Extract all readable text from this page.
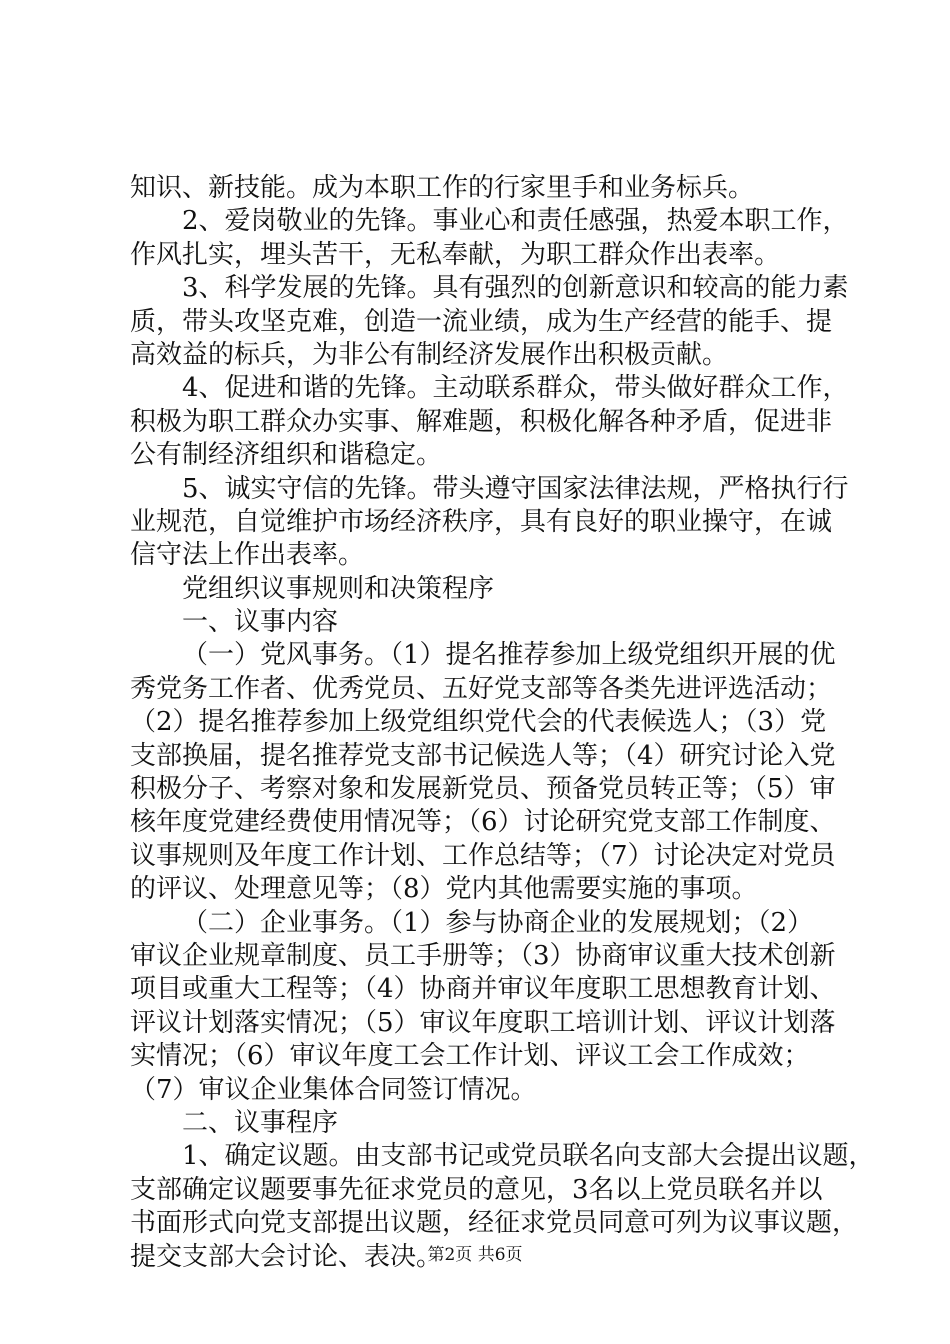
知识、新技能。成为本职工作的行家里手和业务标兵。
2、爱岗敬业的先锋。事业心和责任感强，热爱本职工作，
作风扎实，埋头苦干，无私奉献，为职工群众作出表率。
3、科学发展的先锋。具有强烈的创新意识和较高的能力素
质，带头攻坚克难，创造一流业绩，成为生产经营的能手、提
高效益的标兵，为非公有制经济发展作出积极贡献。
4、促进和谐的先锋。主动联系群众，带头做好群众工作，
积极为职工群众办实事、解难题，积极化解各种矛盾，促进非
公有制经济组织和谐稳定。
5、诚实守信的先锋。带头遵守国家法律法规，严格执行行
业规范，自觉维护市场经济秩序，具有良好的职业操守，在诚
信守法上作出表率。
党组织议事规则和决策程序
一、议事内容
（一）党风事务。（1）提名推荐参加上级党组织开展的优
秀党务工作者、优秀党员、五好党支部等各类先进评选活动；
（2）提名推荐参加上级党组织党代会的代表候选人；（3）党
支部换届，提名推荐党支部书记候选人等；（4）研究讨论入党
积极分子、考察对象和发展新党员、预备党员转正等；（5）审
核年度党建经费使用情况等；（6）讨论研究党支部工作制度、
议事规则及年度工作计划、工作总结等；（7）讨论决定对党员
的评议、处理意见等；（8）党内其他需要实施的事项。
（二）企业事务。（1）参与协商企业的发展规划；（2）
审议企业规章制度、员工手册等；（3）协商审议重大技术创新
项目或重大工程等；（4）协商并审议年度职工思想教育计划、
评议计划落实情况；（5）审议年度职工培训计划、评议计划落
实情况；（6）审议年度工会工作计划、评议工会工作成效；
（7）审议企业集体合同签订情况。
二、议事程序
1、确定议题。由支部书记或党员联名向支部大会提出议题，
支部确定议题要事先征求党员的意见，3名以上党员联名并以
书面形式向党支部提出议题，经征求党员同意可列为议事议题，
提交支部大会讨论、表决。
第2页 共6页
